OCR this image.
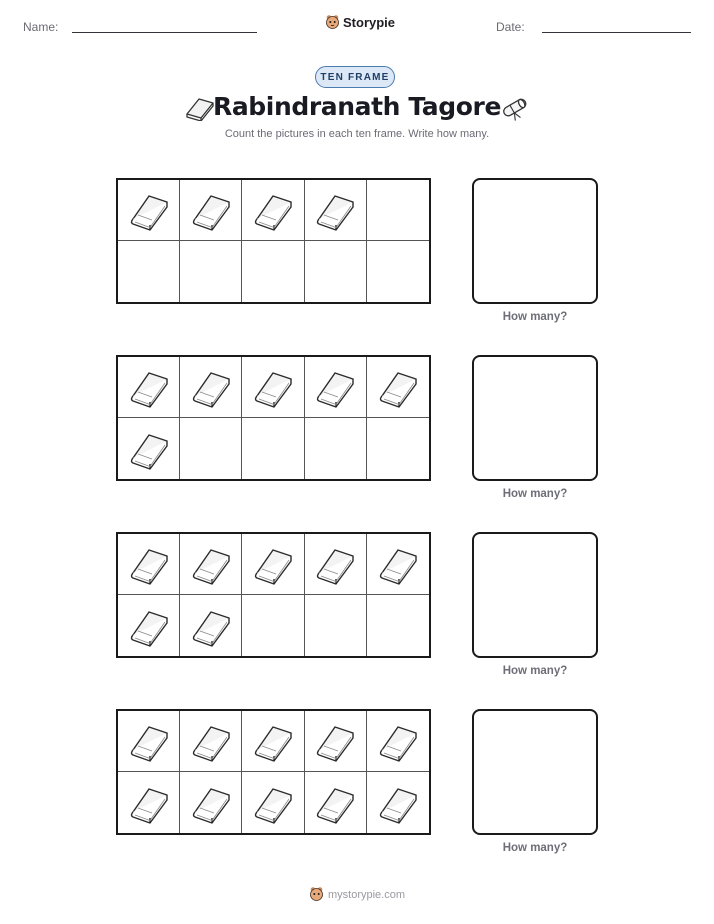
Name:	Storypie	Date:
TEN FRAME
Rabindranath Tagore
Count the pictures in each ten frame. Write how many.
How many?
How many?
How many?
How many?
mystorypie.com
